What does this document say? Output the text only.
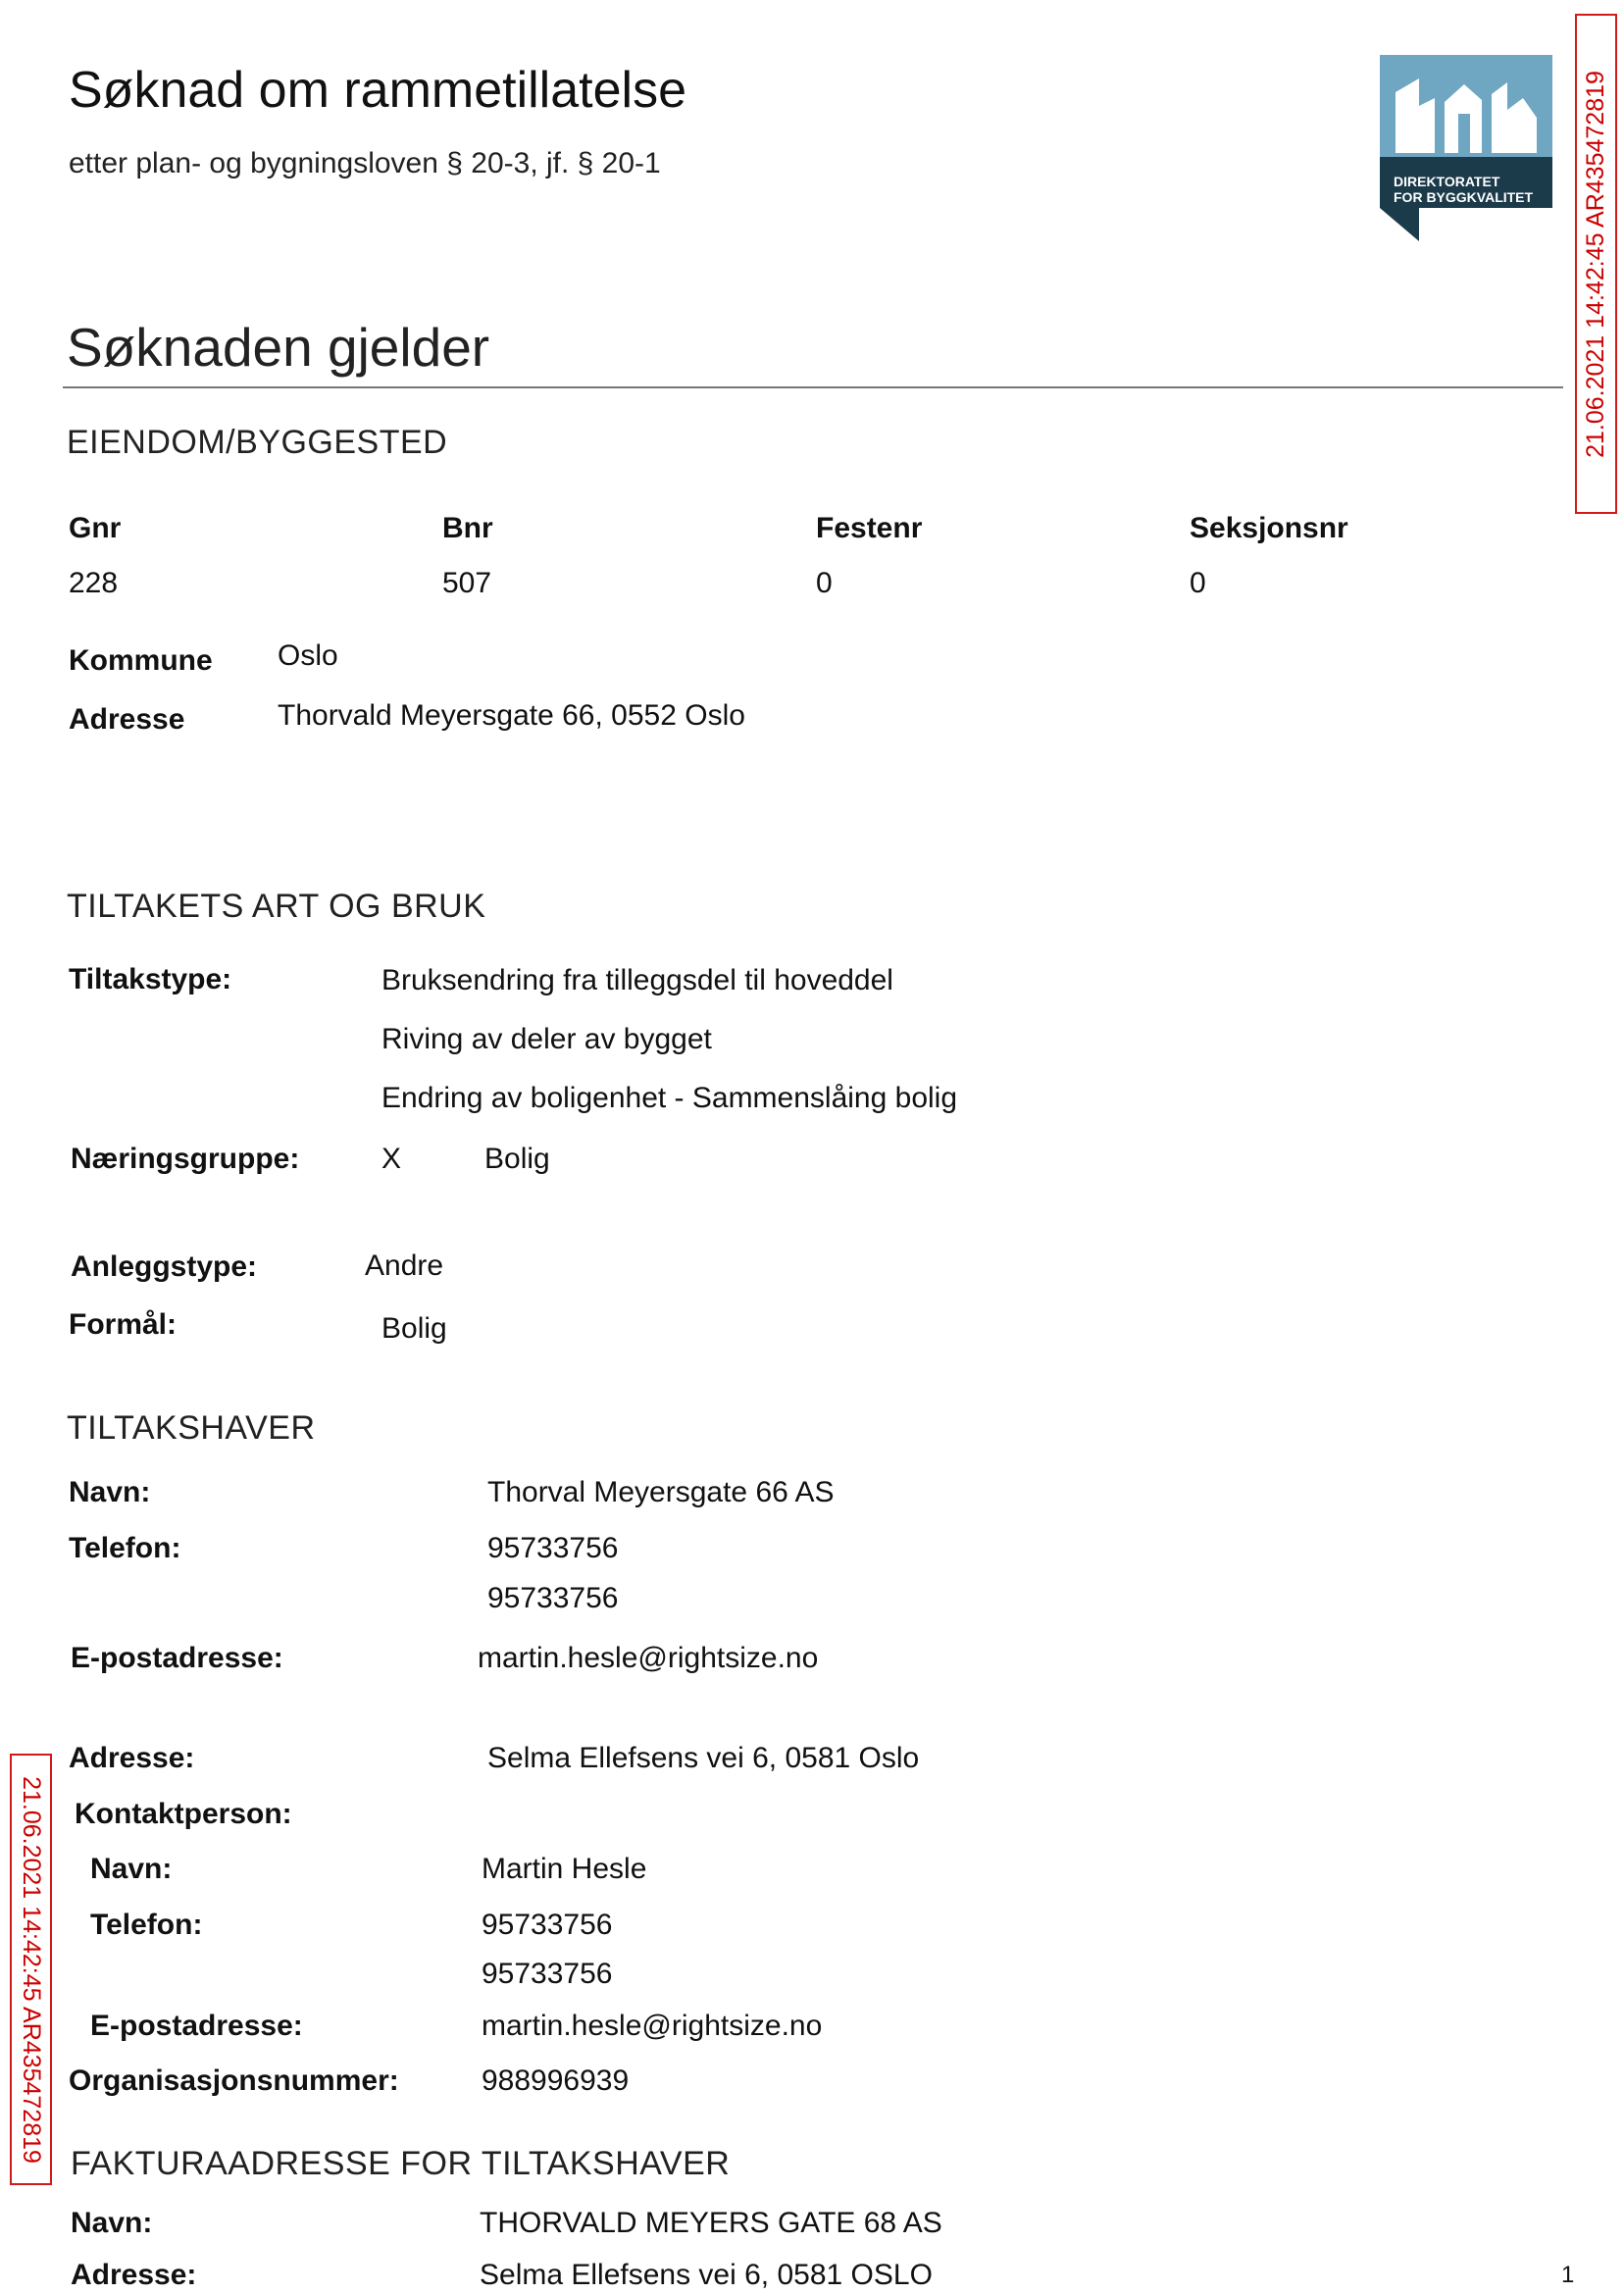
Søknad om rammetillatelse
etter plan- og bygningsloven § 20-3, jf. § 20-1
DIREKTORATET
FOR BYGGKVALITET 21.06.2021 14:42:45 AR435472819
21.06.2021 14:42:45 AR435472819
Søknaden gjelder
EIENDOM/BYGGESTED
Gnr	Bnr	Festenr	Seksjonsnr
228	507	0	0
Kommune Oslo
Adresse	Thorvald Meyersgate 66, 0552 Oslo
TILTAKETS ART OG BRUK
Tiltakstype:	Bruksendring fra tilleggsdel til hoveddel
Riving av deler av bygget
Endring av boligenhet - Sammenslåing bolig
Næringsgruppe:	X	Bolig
Anleggstype:	Andre
Formål:	Bolig
TILTAKSHAVER
Navn:	Thorval Meyersgate 66 AS
Telefon:	95733756
95733756
E-postadresse:	martin.hesle@rightsize.no
Adresse:	Selma Ellefsens vei 6, 0581 Oslo
Kontaktperson:
Navn:	Martin Hesle
Telefon:	95733756
95733756
E-postadresse:	martin.hesle@rightsize.no
Organisasjonsnummer:	988996939
FAKTURAADRESSE FOR TILTAKSHAVER
Navn:	THORVALD MEYERS GATE 68 AS
Adresse:	Selma Ellefsens vei 6, 0581 OSLO	1
